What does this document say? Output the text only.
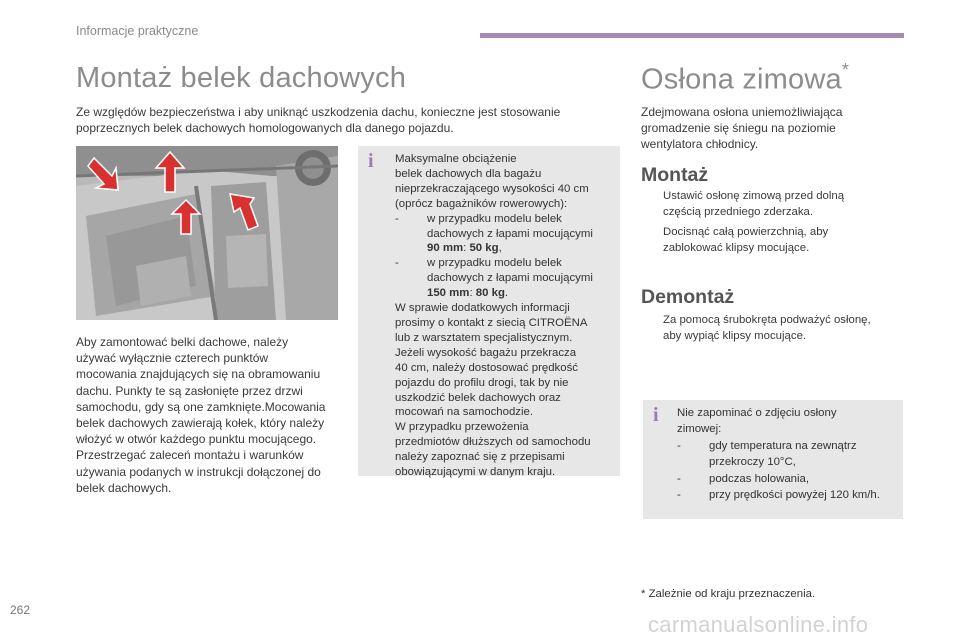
Informacje praktyczne
Montaż belek dachowych
Ze względów bezpieczeństwa i aby uniknąć uszkodzenia dachu, konieczne jest stosowanie poprzecznych belek dachowych homologowanych dla danego pojazdu.
Aby zamontować belki dachowe, należy
używać wyłącznie czterech punktów
mocowania znajdujących się na obramowaniu
dachu. Punkty te są zasłonięte przez drzwi
samochodu, gdy są one zamknięte.Mocowania
belek dachowych zawierają kołek, który należy
włożyć w otwór każdego punktu mocującego.
Przestrzegać zaleceń montażu i warunków
używania podanych w instrukcji dołączonej do
belek dachowych.
i Maksymalne obciążenie
belek dachowych dla bagażu
nieprzekraczającego wysokości 40 cm
(oprócz bagażników rowerowych):
-	w przypadku modelu belek
dachowych z łapami mocującymi
90 mm: 50 kg,
-	w przypadku modelu belek
dachowych z łapami mocującymi
150 mm: 80 kg.
W sprawie dodatkowych informacji
prosimy o kontakt z siecią CITROËNA
lub z warsztatem specjalistycznym.
Jeżeli wysokość bagażu przekracza
40 cm, należy dostosować prędkość
pojazdu do profilu drogi, tak by nie
uszkodzić belek dachowych oraz
mocowań na samochodzie.
W przypadku przewożenia
przedmiotów dłuższych od samochodu
należy zapoznać się z przepisami
obowiązującymi w danym kraju.
Osłona zimowa*
Zdejmowana osłona uniemożliwiająca
gromadzenie się śniegu na poziomie
wentylatora chłodnicy.
Montaż
Ustawić osłonę zimową przed dolną
częścią przedniego zderzaka.
Docisnąć całą powierzchnią, aby
zablokować klipsy mocujące.
Demontaż
Za pomocą śrubokręta podważyć osłonę,
aby wypiąć klipsy mocujące.
i Nie zapominać o zdjęciu osłony
zimowej:
-	gdy temperatura na zewnątrz
przekroczy 10°C,
-	podczas holowania,
-	przy prędkości powyżej 120 km/h.
* Zależnie od kraju przeznaczenia.
262
carmanualsonline.info
